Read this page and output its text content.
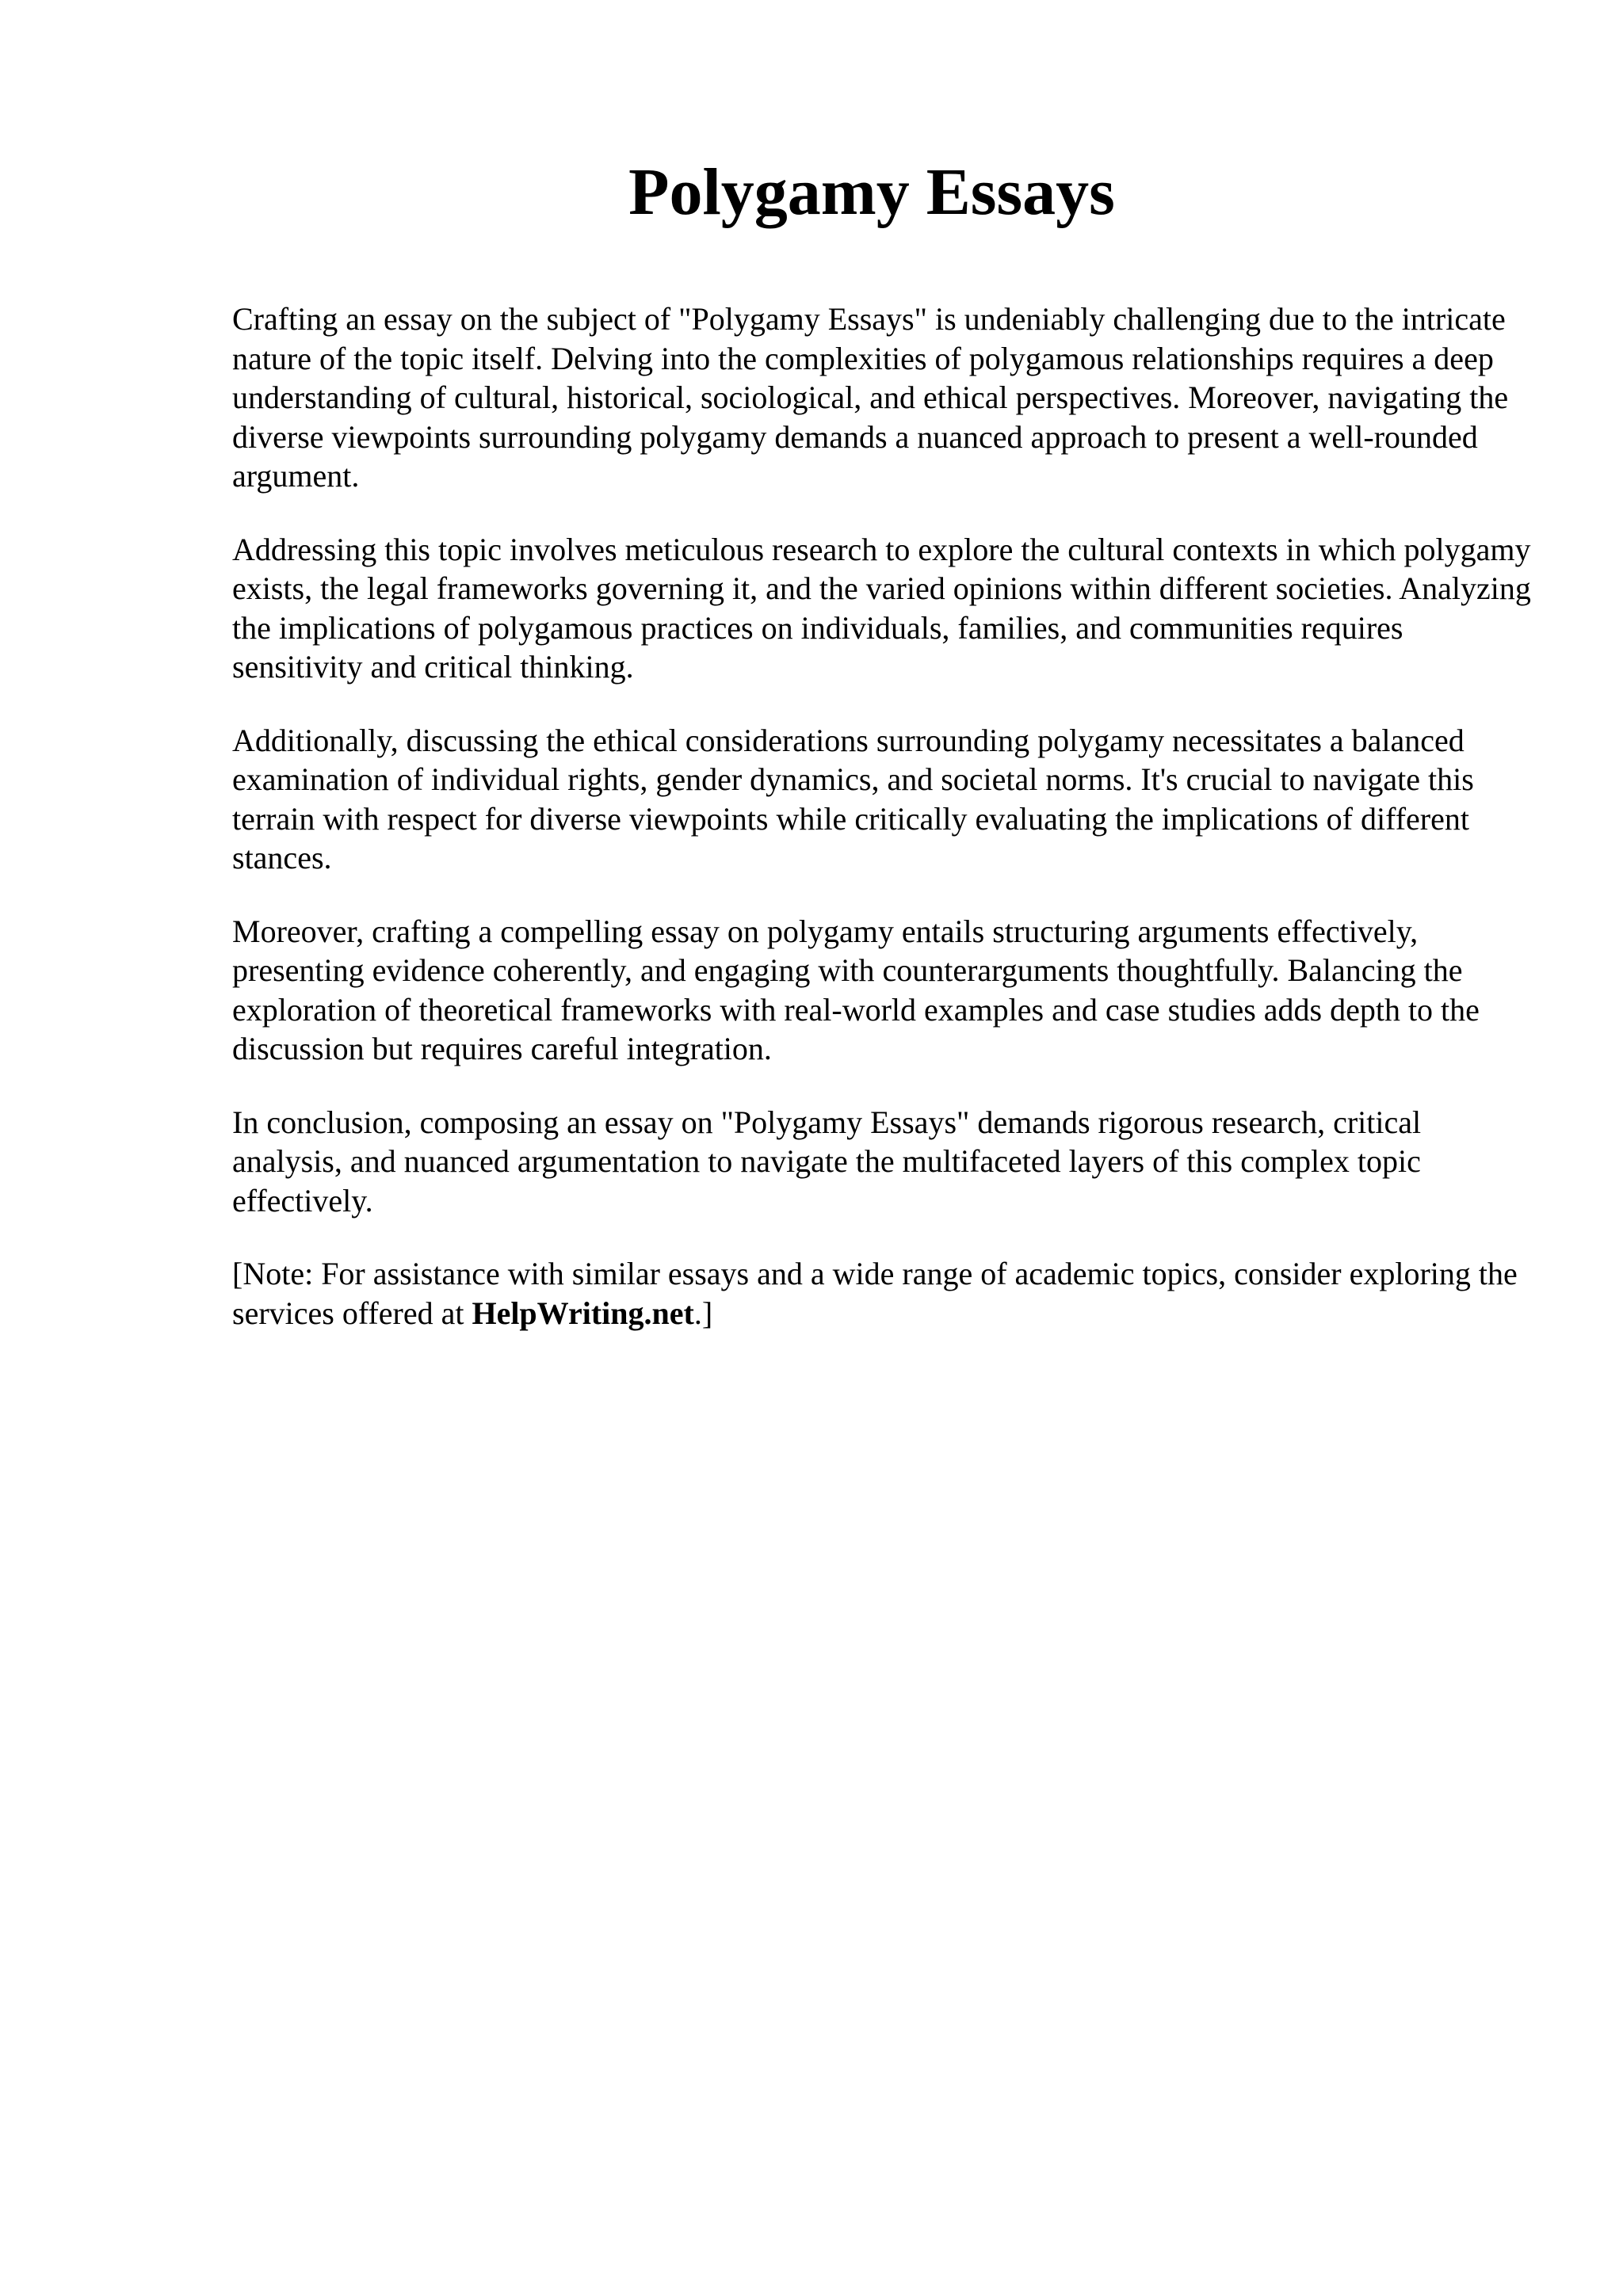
Polygamy Essays

Crafting an essay on the subject of "Polygamy Essays" is undeniably challenging due to the intricate nature of the topic itself. Delving into the complexities of polygamous relationships requires a deep understanding of cultural, historical, sociological, and ethical perspectives. Moreover, navigating the diverse viewpoints surrounding polygamy demands a nuanced approach to present a well-rounded argument.

Addressing this topic involves meticulous research to explore the cultural contexts in which polygamy exists, the legal frameworks governing it, and the varied opinions within different societies. Analyzing the implications of polygamous practices on individuals, families, and communities requires sensitivity and critical thinking.

Additionally, discussing the ethical considerations surrounding polygamy necessitates a balanced examination of individual rights, gender dynamics, and societal norms. It's crucial to navigate this terrain with respect for diverse viewpoints while critically evaluating the implications of different stances.

Moreover, crafting a compelling essay on polygamy entails structuring arguments effectively, presenting evidence coherently, and engaging with counterarguments thoughtfully. Balancing the exploration of theoretical frameworks with real-world examples and case studies adds depth to the discussion but requires careful integration.

In conclusion, composing an essay on "Polygamy Essays" demands rigorous research, critical analysis, and nuanced argumentation to navigate the multifaceted layers of this complex topic effectively.

[Note: For assistance with similar essays and a wide range of academic topics, consider exploring the services offered at HelpWriting.net.]
